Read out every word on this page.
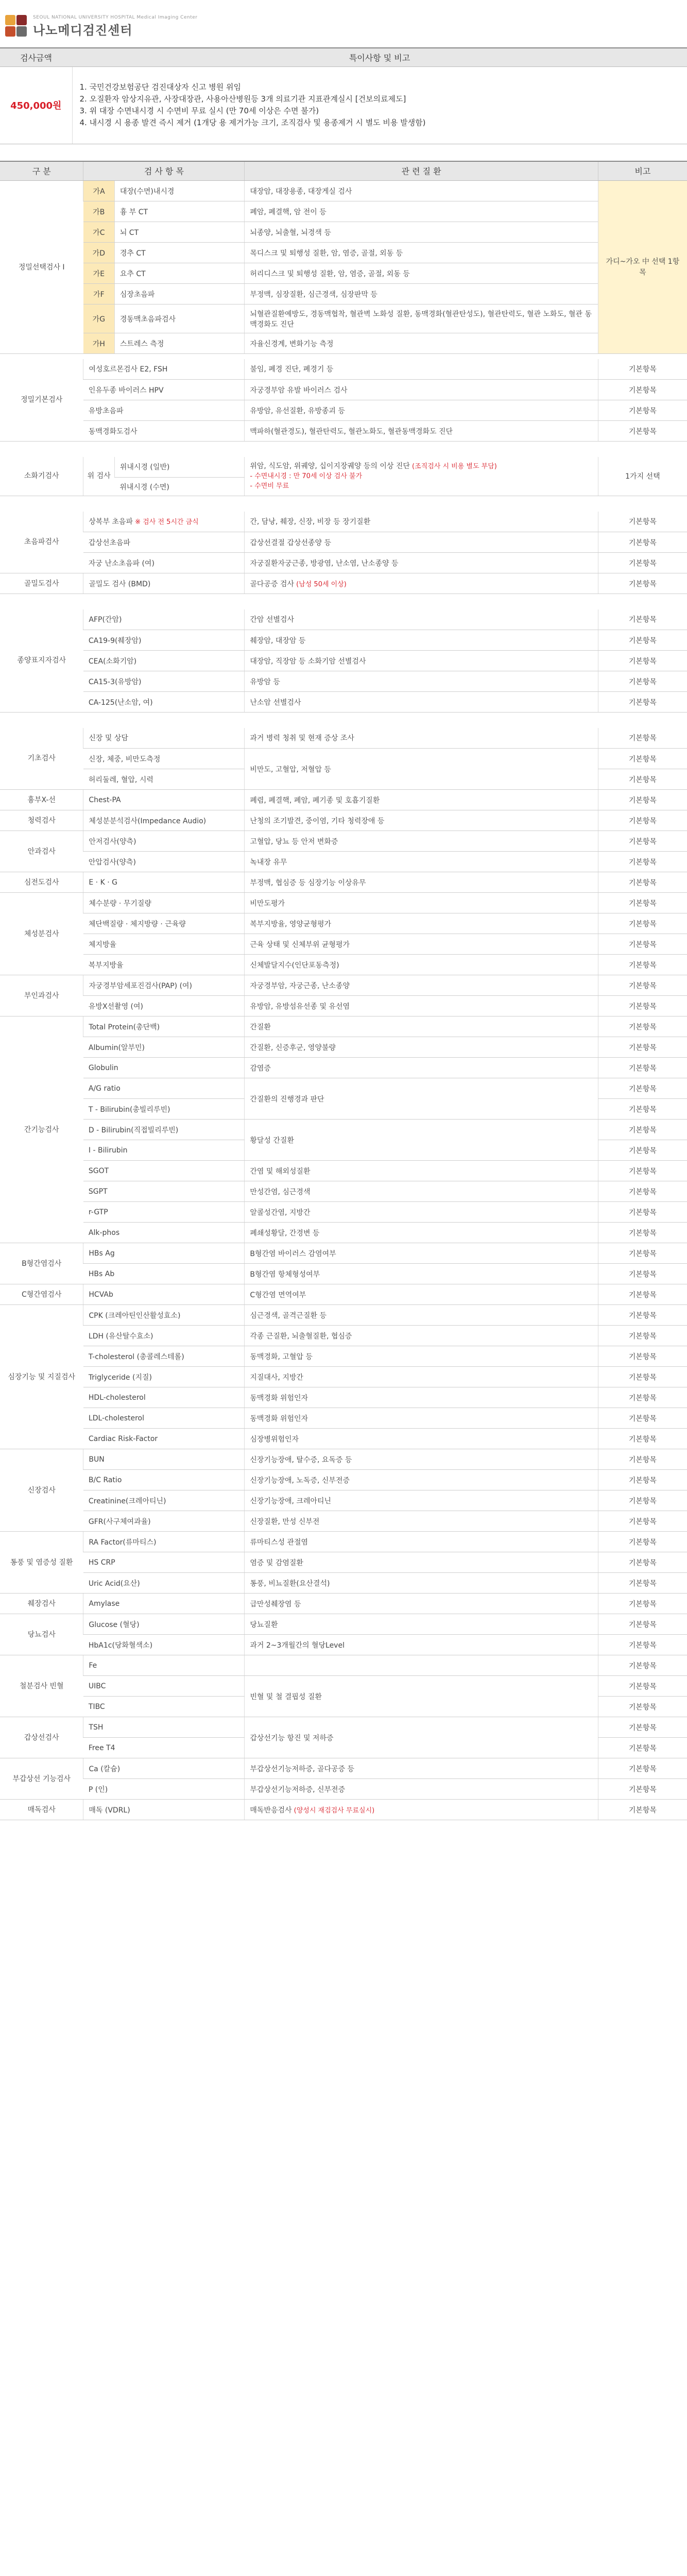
SEOUL NATIONAL UNIVERSITY HOSPITAL Medical Imaging Center
나노메디검진센터
검사금액	특이사항 및 비고
450,000원	1. 국민건강보험공단 검진대상자 신고 병원 위임
2. 오질환자 암상지유관, 사장대장관, 사용아산병원등 3개 의료기관 지표관계실시 [건보의료제도]
3. 위 대장 수면내시경 시 수면비 무료 실시 (만 70세 이상은 수면 불가)
4. 내시경 시 용종 발견 즉시 제거 (1개당 용 제거가능 크기, 조직검사 및 용종제거 시 별도 비용 발생함)
구 분	검 사 항 목		관 련 질 환	비고
정밀선택검사 I	가A	대장(수면)내시경	대장암, 대장용종, 대장게실 검사	가디~가오 中 선택 1항목
	가B	흉 부 CT	폐암, 폐결핵, 암 전이 등	
	가C	뇌 CT	뇌종양, 뇌출혈, 뇌경색 등	
	가D	경추 CT	목디스크 및 퇴행성 질환, 암, 염증, 골절, 외동 등	
	가E	요추 CT	허리디스크 및 퇴행성 질환, 암, 염증, 골절, 외동 등	
	가F	심장초음파	부정맥, 심장질환, 심근경색, 심장판막 등	
	가G	경동맥초음파검사	뇌혈관질환예방도, 경동맥협착, 혈관벽 노화성 질환, 동맥경화(혈관탄성도), 혈관탄력도, 혈관 노화도, 혈관 동맥경화도 진단	
	가H	스트레스 측정	자율신경계, 변화기능 측정	

정밀기본검사	여성호르몬검사 E2, FSH		불임, 폐경 진단, 폐경기 등	기본항목
	인유두종 바이러스 HPV		자궁경부암 유발 바이러스 검사	기본항목
	유방초음파		유방암, 유선질환, 유방종괴 등	기본항목
	동맥경화도검사		맥파하(혈관경도), 혈관탄력도, 혈관노화도, 혈관동맥경화도 진단	기본항목

소화기검사	위 검사	위내시경 (일반)	위암, 식도암, 위궤양, 십이지장궤양 등의 이상 진단 (조직검사 시 비용 별도 부담)
- 수면내시경 : 만 70세 이상 검사 불가
- 수면비 무료	1가지 선택
		위내시경 (수면)		

초음파검사	상복부 초음파 ※ 검사 전 5시간 금식		간, 담낭, 췌장, 신장, 비장 등 장기질환	기본항목
	갑상선초음파		갑상선결절 갑상선종양 등	기본항목
	자궁 난소초음파 (여)		자궁질환자궁근종, 방광염, 난소염, 난소종양 등	기본항목
골밀도검사	골밀도 검사 (BMD)		골다공증 검사 (남성 50세 이상)	기본항목

종양표지자검사	AFP(간암)		간암 선별검사	기본항목
	CA19-9(췌장암)		췌장암, 대장암 등	기본항목
	CEA(소화기암)		대장암, 직장암 등 소화기암 선별검사	기본항목
	CA15-3(유방암)		유방암 등	기본항목
	CA-125(난소암, 여)		난소암 선별검사	기본항목

기초검사	신장 및 상담		과거 병력 청취 및 현재 증상 조사	기본항목
	신장, 체중, 비만도측정		비만도, 고혈압, 저혈압 등	기본항목
	허리둘레, 혈압, 시력			기본항목
흉부X-선	Chest-PA		폐렴, 폐결핵, 폐암, 폐기종 및 호흡기질환	기본항목
청력검사	체성분분석검사(Impedance Audio)		난청의 조기발견, 중이염, 기타 청력장애 등	기본항목
안과검사	안저검사(양측)		고혈압, 당뇨 등 안저 변화증	기본항목
	안압검사(양측)		녹내장 유무	기본항목
심전도검사	E · K · G		부정맥, 협심증 등 심장기능 이상유무	기본항목
체성분검사	체수분량 · 무기질량		비만도평가	기본항목
	체단백질량 · 체지방량 · 근육량		복부지방율, 영양균형평가	기본항목
	체지방율		근육 상태 및 신체부위 균형평가	기본항목
	복부지방율		신체발달지수(인단포동측정)	기본항목
부인과검사	자궁경부암세포진검사(PAP) (여)		자궁경부암, 자궁근종, 난소종양	기본항목
	유방X선촬영 (여)		유방암, 유방섬유선종 및 유선염	기본항목
간기능검사	Total Protein(총단백)		간질환	기본항목
	Albumin(알부민)		간질환, 신증후군, 영양불량	기본항목
	Globulin		감염증	기본항목
	A/G ratio		간질환의 진행경과 판단	기본항목
	T - Bilirubin(총빌리루빈)			기본항목
	D - Bilirubin(직접빌리루빈)		황달성 간질환	기본항목
	I - Bilirubin			기본항목
	SGOT		간염 및 해외성질환	기본항목
	SGPT		만성간염, 심근경색	기본항목
	r-GTP		알콜성간염, 지방간	기본항목
	Alk-phos		폐쇄성황달, 간경변 등	기본항목
B형간염검사	HBs Ag		B형간염 바이러스 감염여부	기본항목
	HBs Ab		B형간염 항체형성여부	기본항목
C형간염검사	HCVAb		C형간염 면역여부	기본항목
심장기능 및 지질검사	CPK (크레아틴인산활성효소)		심근경색, 골격근질환 등	기본항목
	LDH (유산탈수효소)		각종 근질환, 뇌출혈질환, 협심증	기본항목
	T-cholesterol (총콜레스테롤)		동맥경화, 고혈압 등	기본항목
	Triglyceride (지질)		지질대사, 지방간	기본항목
	HDL-cholesterol		동맥경화 위험인자	기본항목
	LDL-cholesterol		동맥경화 위험인자	기본항목
	Cardiac Risk-Factor		심장병위험인자	기본항목
신장검사	BUN		신장기능장애, 탈수증, 요독증 등	기본항목
	B/C Ratio		신장기능장애, 노독증, 신부전증	기본항목
	Creatinine(크레아티닌)		신장기능장애, 크레아티닌	기본항목
	GFR(사구체여과율)		신장질환, 만성 신부전	기본항목
통풍 및 염증성 질환	RA Factor(류마티스)		류마티스성 관절염	기본항목
	HS CRP		염증 및 감염질환	기본항목
	Uric Acid(요산)		통풍, 비뇨질환(요산결석)	기본항목
췌장검사	Amylase		급만성췌장염 등	기본항목
당뇨검사	Glucose (혈당)		당뇨질환	기본항목
	HbA1c(당화혈색소)		과거 2~3개월간의 혈당Level	기본항목
철분검사 빈혈	Fe			기본항목
	UIBC		빈혈 및 철 결핍성 질환	기본항목
	TIBC			기본항목
갑상선검사	TSH		갑상선기능 항진 및 저하증	기본항목
	Free T4			기본항목
부갑상선 기능검사	Ca (칼슘)		부갑상선기능저하증, 골다공증 등	기본항목
	P (인)		부갑상선기능저하증, 신부전증	기본항목
매독검사	매독 (VDRL)		매독반응검사 (양성시 재검검사 무료실시)	기본항목
